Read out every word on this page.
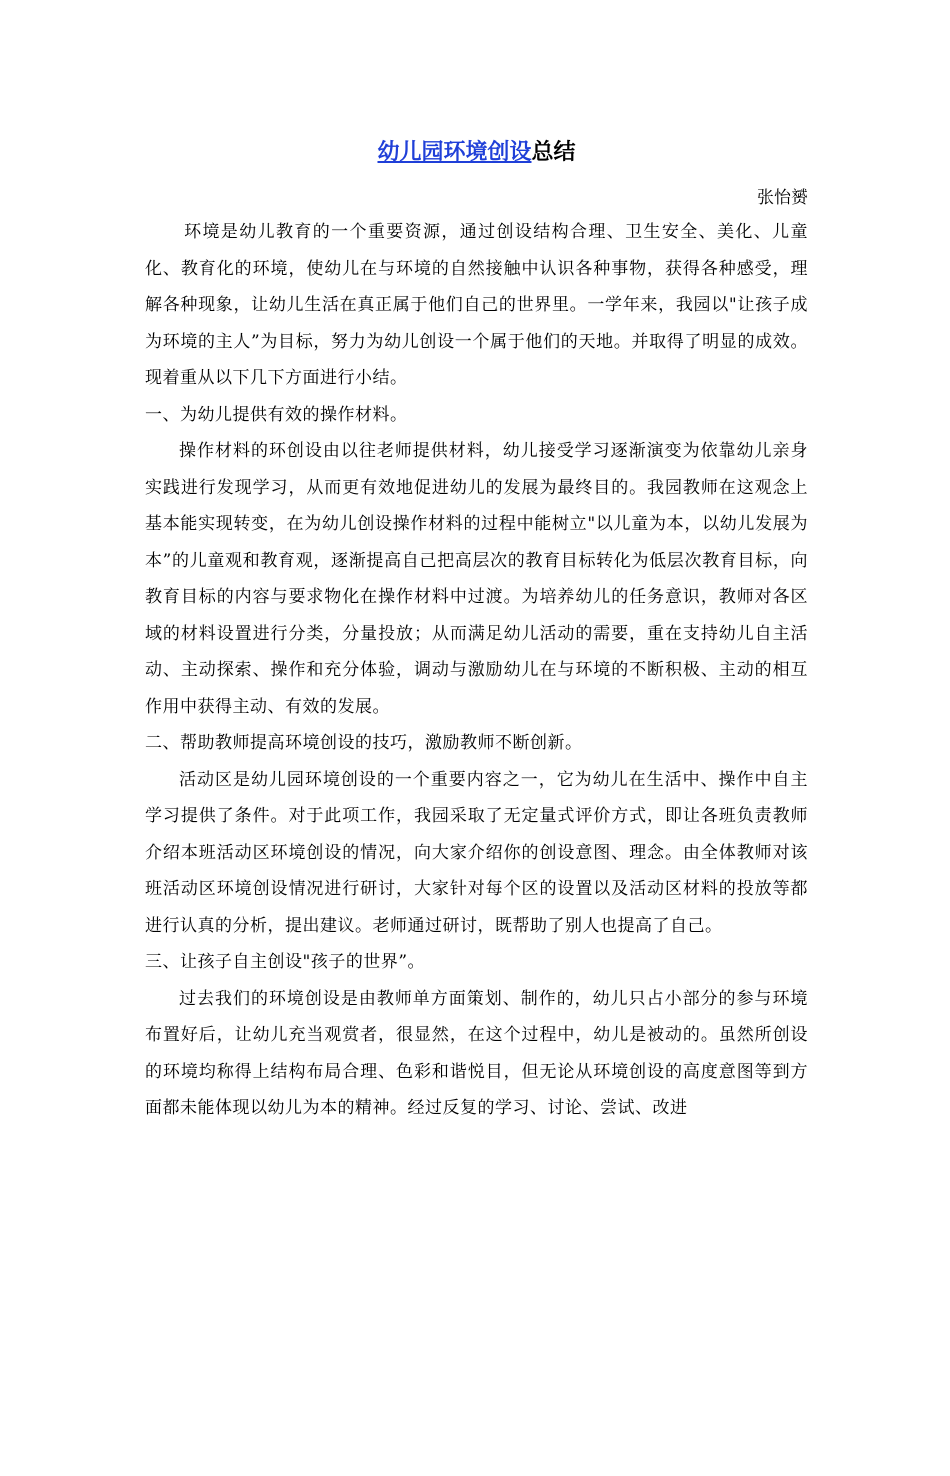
幼儿园环境创设总结
张怡赟

环境是幼儿教育的一个重要资源，通过创设结构合理、卫生安全、美化、儿童化、教育化的环境，使幼儿在与环境的自然接触中认识各种事物，获得各种感受，理解各种现象，让幼儿生活在真正属于他们自己的世界里。一学年来，我园以"让孩子成为环境的主人”为目标，努力为幼儿创设一个属于他们的天地。并取得了明显的成效。现着重从以下几下方面进行小结。

一、为幼儿提供有效的操作材料。

操作材料的环创设由以往老师提供材料，幼儿接受学习逐渐演变为依靠幼儿亲身实践进行发现学习，从而更有效地促进幼儿的发展为最终目的。我园教师在这观念上基本能实现转变，在为幼儿创设操作材料的过程中能树立"以儿童为本，以幼儿发展为本”的儿童观和教育观，逐渐提高自己把高层次的教育目标转化为低层次教育目标，向教育目标的内容与要求物化在操作材料中过渡。为培养幼儿的任务意识，教师对各区域的材料设置进行分类，分量投放；从而满足幼儿活动的需要，重在支持幼儿自主活动、主动探索、操作和充分体验，调动与激励幼儿在与环境的不断积极、主动的相互作用中获得主动、有效的发展。

二、帮助教师提高环境创设的技巧，激励教师不断创新。

活动区是幼儿园环境创设的一个重要内容之一，它为幼儿在生活中、操作中自主学习提供了条件。对于此项工作，我园采取了无定量式评价方式，即让各班负责教师介绍本班活动区环境创设的情况，向大家介绍你的创设意图、理念。由全体教师对该班活动区环境创设情况进行研讨，大家针对每个区的设置以及活动区材料的投放等都进行认真的分析，提出建议。老师通过研讨，既帮助了别人也提高了自己。

三、让孩子自主创设"孩子的世界”。

过去我们的环境创设是由教师单方面策划、制作的，幼儿只占小部分的参与环境布置好后，让幼儿充当观赏者，很显然，在这个过程中，幼儿是被动的。虽然所创设的环境均称得上结构布局合理、色彩和谐悦目，但无论从环境创设的高度意图等到方面都未能体现以幼儿为本的精神。经过反复的学习、讨论、尝试、改进
